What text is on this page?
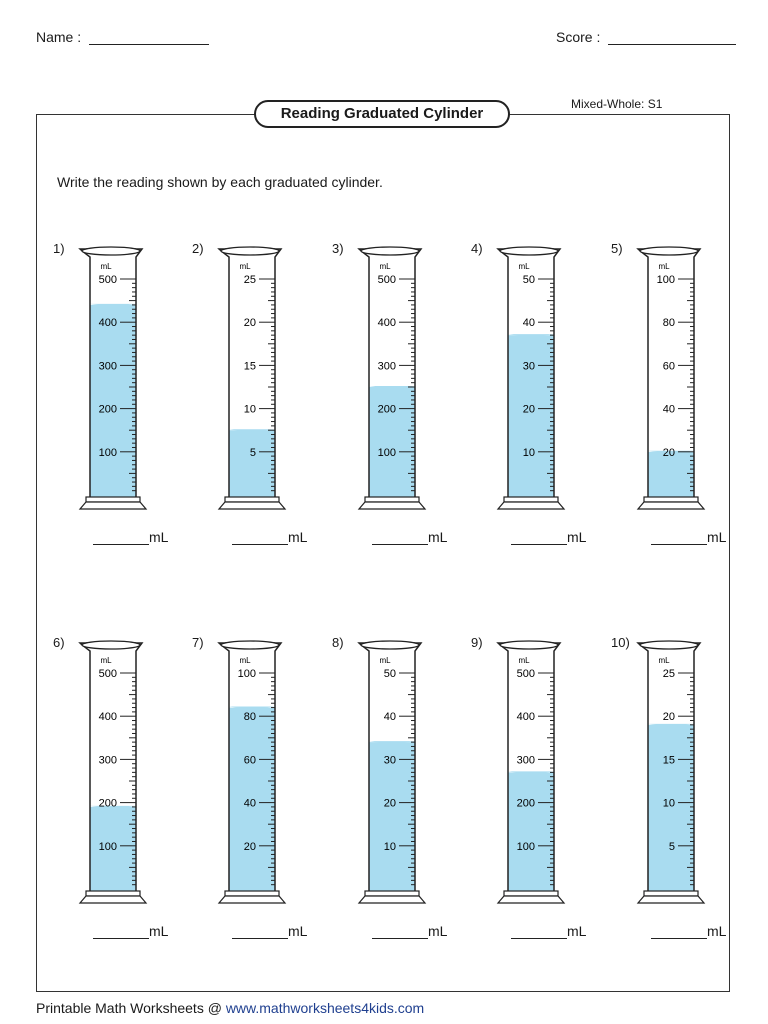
Name :	Score :
Reading Graduated Cylinder
Mixed-Whole: S1
Write the reading shown by each graduated cylinder.
1)
mL
500
400
300
200
100
mL
2)
mL
25
20
15
10
5
mL
3)
mL
500
400
300
200
100
mL
4)
mL
50
40
30
20
10
mL
5)
mL
100
80
60
40
20
mL
6)
mL
500
400
300
200
100
mL
7)
mL
100
80
60
40
20
mL
8)
mL
50
40
30
20
10
mL
9)
mL
500
400
300
200
100
mL
10)
mL
25
20
15
10
5
mL
Printable Math Worksheets @ www.mathworksheets4kids.com
